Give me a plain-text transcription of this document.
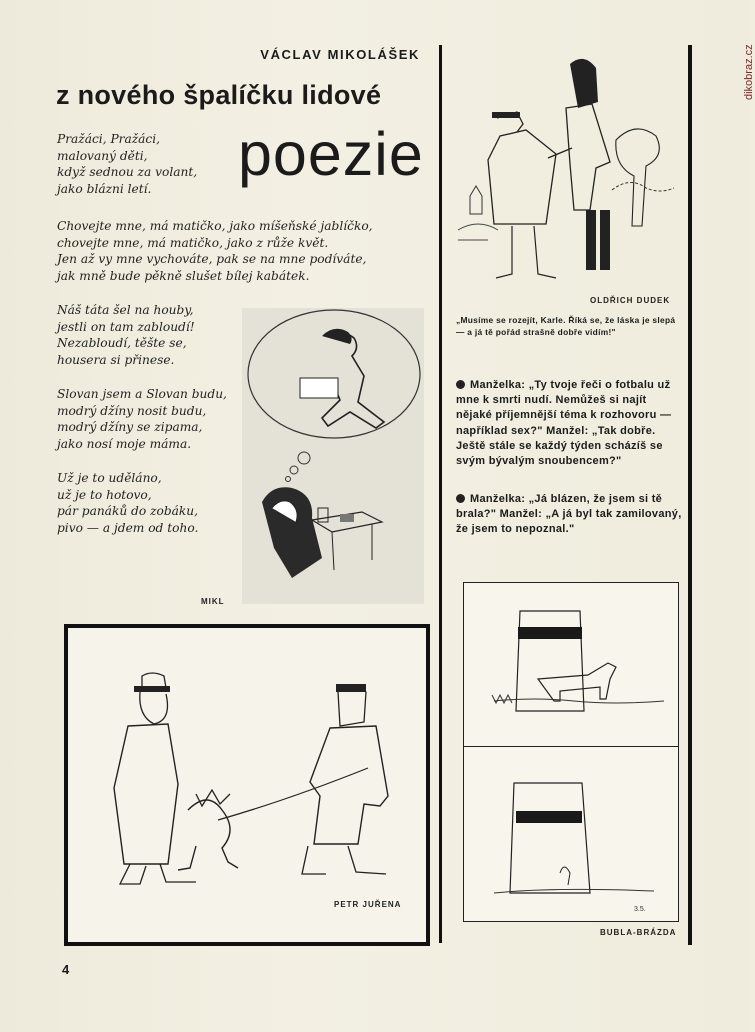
dikobraz.cz
VÁCLAV MIKOLÁŠEK
z nového špalíčku lidové
poezie
Pražáci, Pražáci,
malovaný děti,
když sednou za volant,
jako blázni letí.
Chovejte mne, má matičko, jako míšeňské jablíčko,
chovejte mne, má matičko, jako z růže květ.
Jen až vy mne vychováte, pak se na mne podíváte,
jak mně bude pěkně slušet bílej kabátek.
Náš táta šel na houby,
jestli on tam zabloudí!
Nezabloudí, těšte se,
housera si přinese.
Slovan jsem a Slovan budu,
modrý džíny nosit budu,
modrý džíny se zipama,
jako nosí moje máma.
Už je to uděláno,
už je to hotovo,
pár panáků do zobáku,
pivo — a jdem od toho.
MIKL
OLDŘICH DUDEK
„Musíme se rozejít, Karle. Říká se, že láska je slepá — a já tě pořád strašně dobře vidím!"
Manželka: „Ty tvoje řeči o fotbalu už mne k smrti nudí. Nemůžeš si najít nějaké příjemnější téma k rozhovoru — například sex?" Manžel: „Tak dobře. Ještě stále se každý týden scházíš se svým bývalým snoubencem?"
Manželka: „Já blázen, že jsem si tě brala?" Manžel: „A já byl tak zamilovaný, že jsem to nepoznal."
3.5.
BUBLA-BRÁZDA
PETR JUŘENA
4
